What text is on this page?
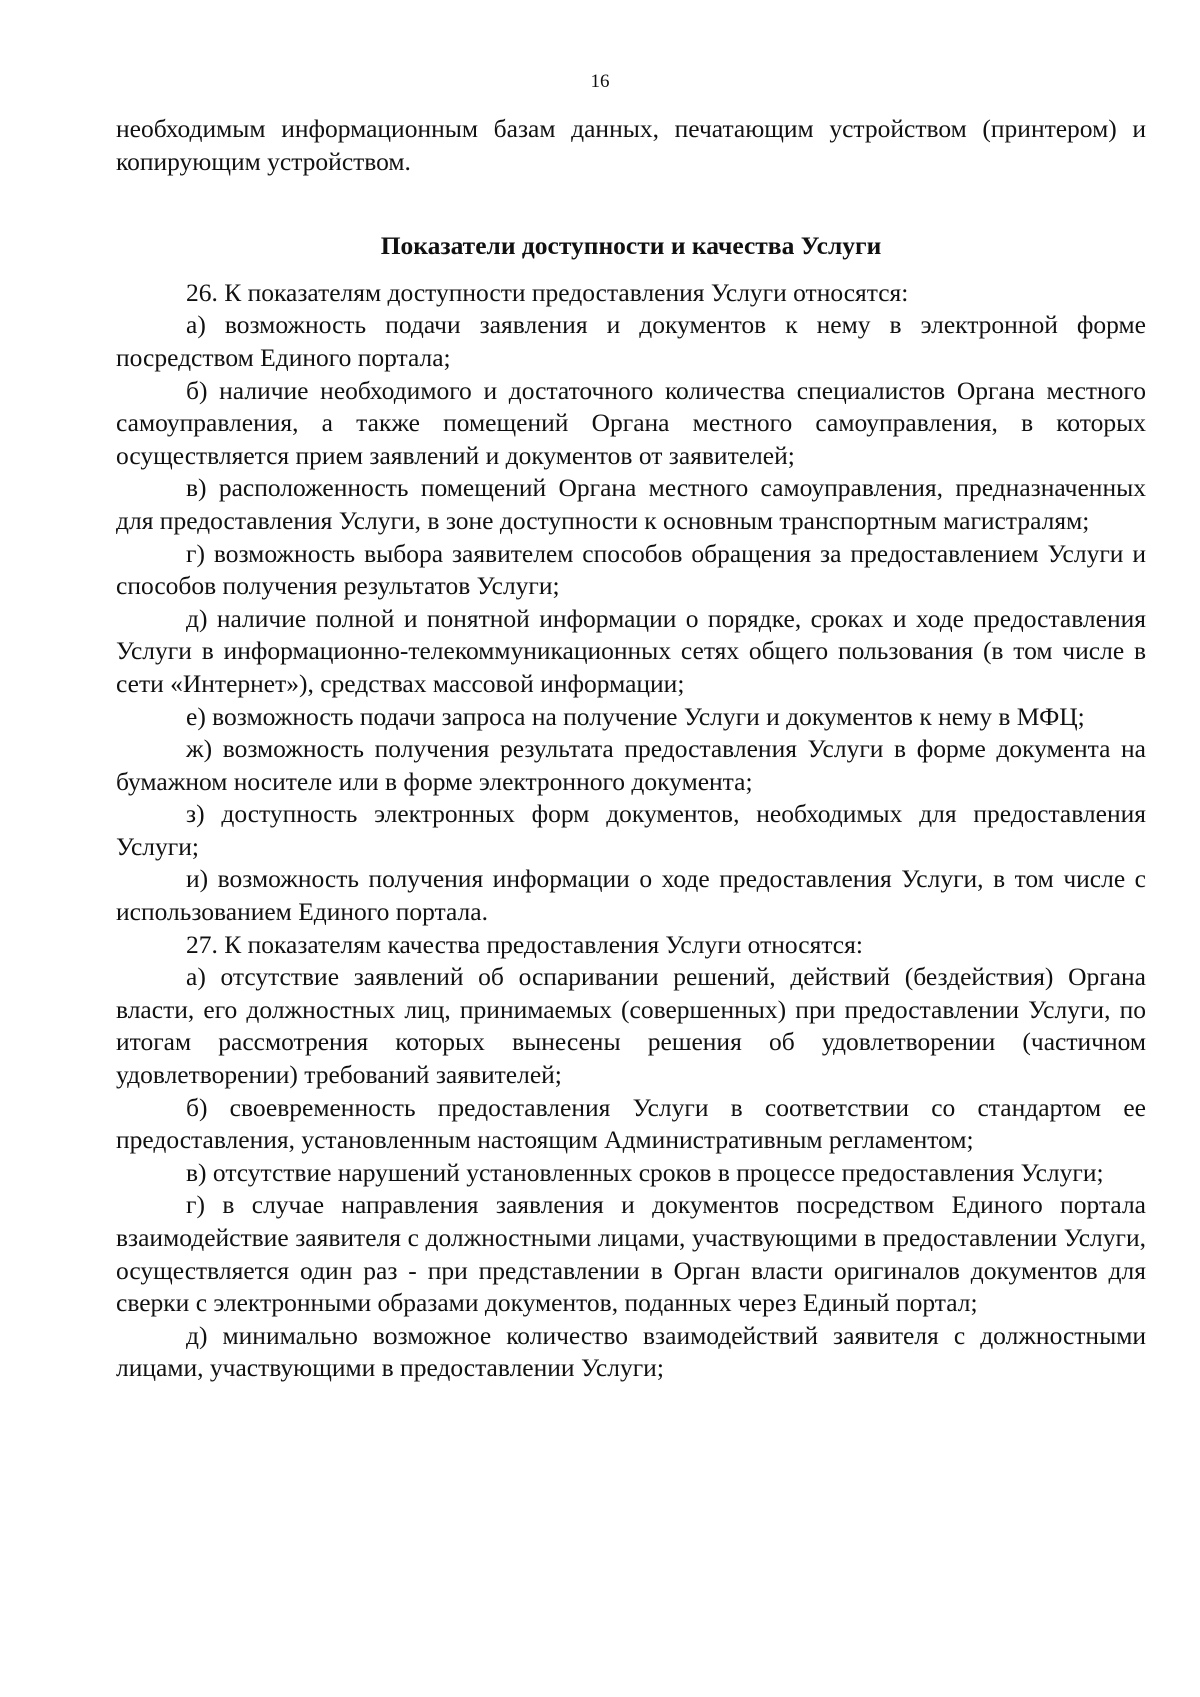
16

необходимым информационным базам данных, печатающим устройством (принтером) и копирующим устройством.

Показатели доступности и качества Услуги

26. К показателям доступности предоставления Услуги относятся:

а) возможность подачи заявления и документов к нему в электронной форме посредством Единого портала;

б) наличие необходимого и достаточного количества специалистов Органа местного самоуправления, а также помещений Органа местного самоуправления, в которых осуществляется прием заявлений и документов от заявителей;

в) расположенность помещений Органа местного самоуправления, предназначенных для предоставления Услуги, в зоне доступности к основным транспортным магистралям;

г) возможность выбора заявителем способов обращения за предоставлением Услуги и способов получения результатов Услуги;

д) наличие полной и понятной информации о порядке, сроках и ходе предоставления Услуги в информационно-телекоммуникационных сетях общего пользования (в том числе в сети «Интернет»), средствах массовой информации;

е) возможность подачи запроса на получение Услуги и документов к нему в МФЦ;

ж) возможность получения результата предоставления Услуги в форме документа на бумажном носителе или в форме электронного документа;

з) доступность электронных форм документов, необходимых для предоставления Услуги;

и) возможность получения информации о ходе предоставления Услуги, в том числе с использованием Единого портала.

27. К показателям качества предоставления Услуги относятся:

а) отсутствие заявлений об оспаривании решений, действий (бездействия) Органа власти, его должностных лиц, принимаемых (совершенных) при предоставлении Услуги, по итогам рассмотрения которых вынесены решения об удовлетворении (частичном удовлетворении) требований заявителей;

б) своевременность предоставления Услуги в соответствии со стандартом ее предоставления, установленным настоящим Административным регламентом;

в) отсутствие нарушений установленных сроков в процессе предоставления Услуги;

г) в случае направления заявления и документов посредством Единого портала взаимодействие заявителя с должностными лицами, участвующими в предоставлении Услуги, осуществляется один раз - при представлении в Орган власти оригиналов документов для сверки с электронными образами документов, поданных через Единый портал;

д) минимально возможное количество взаимодействий заявителя с должностными лицами, участвующими в предоставлении Услуги;
